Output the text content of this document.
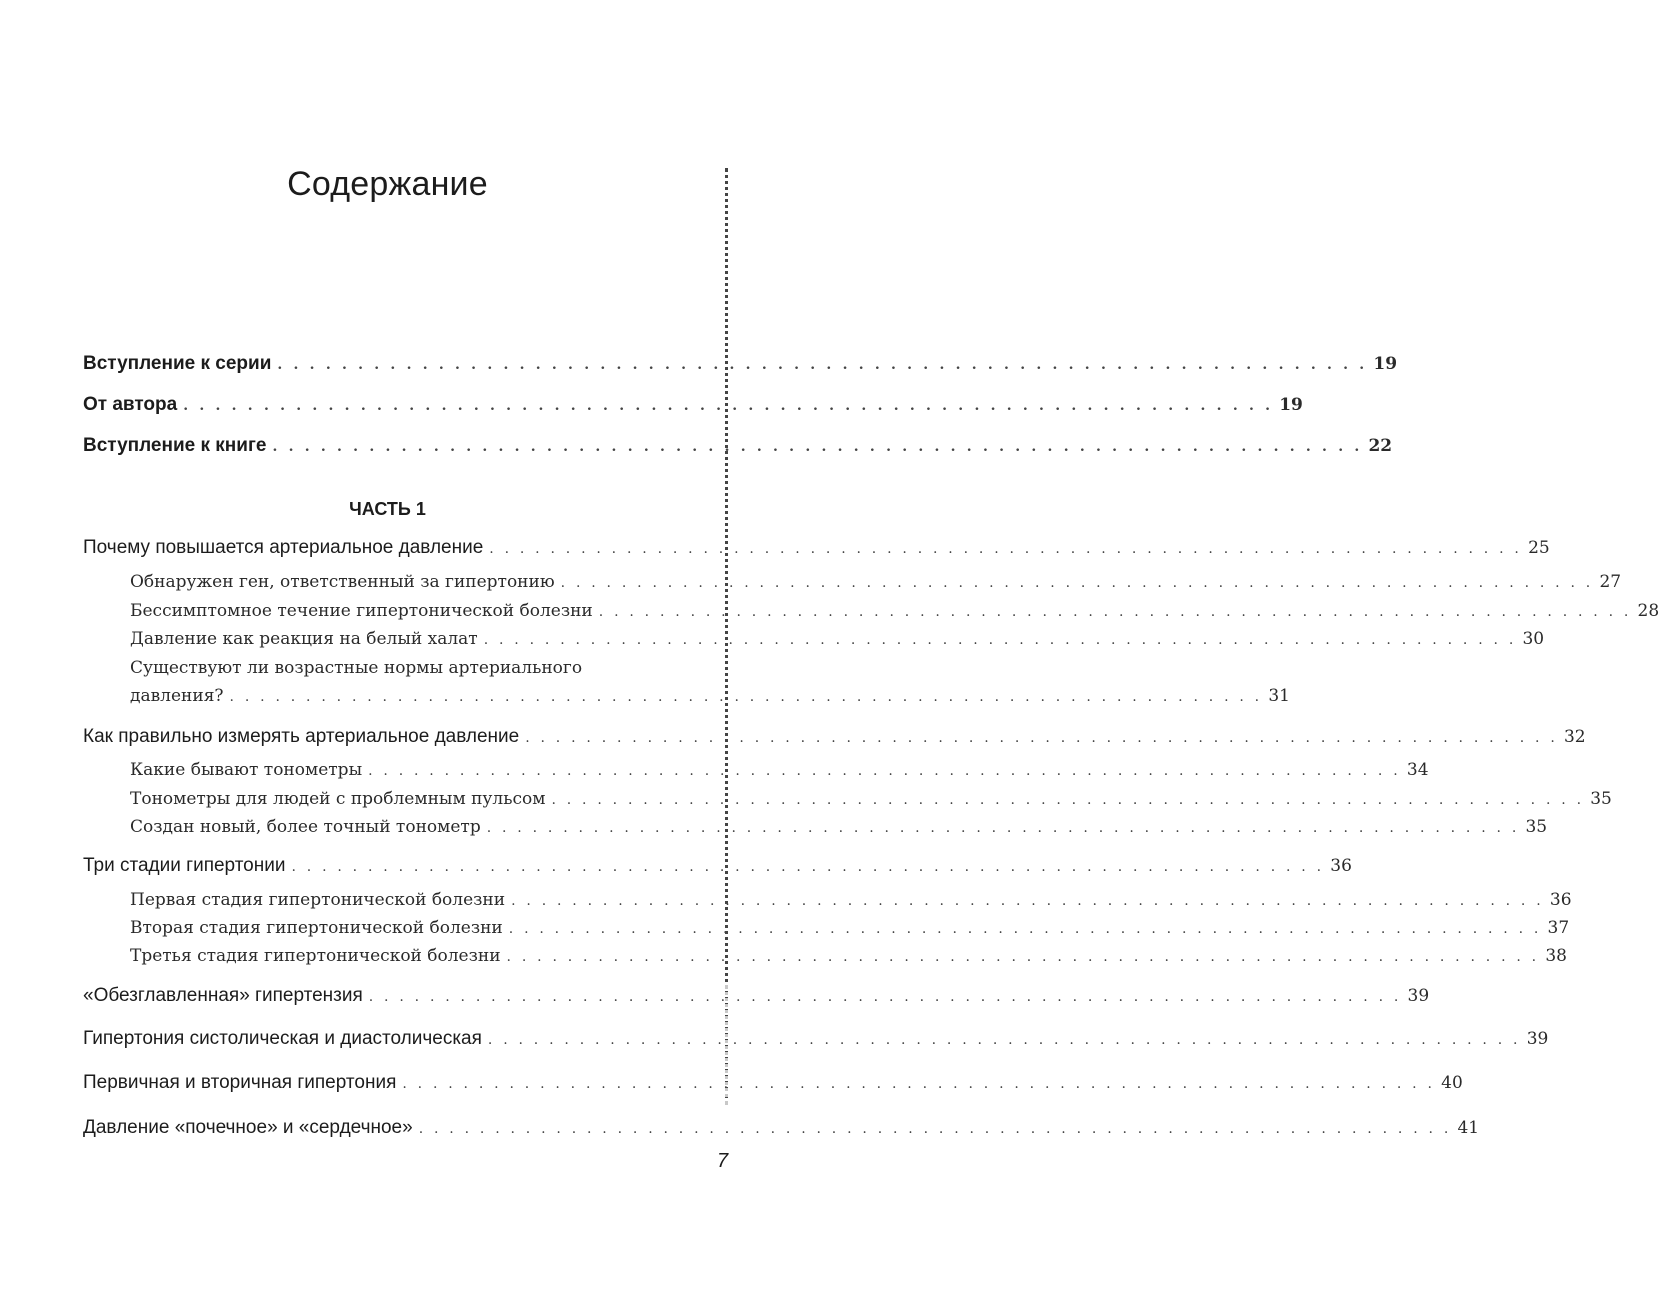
Содержание
Вступление к серии . . . . . . . . . . . . . . . . . . . . . . . . . . . . . . . . . . . . . . . . . . . . . . . . . . . . . . . . . . . . . . . . . . . . 19
От автора . . . . . . . . . . . . . . . . . . . . . . . . . . . . . . . . . . . . . . . . . . . . . . . . . . . . . . . . . . . . . . . . . . . . 19
Вступление к книге . . . . . . . . . . . . . . . . . . . . . . . . . . . . . . . . . . . . . . . . . . . . . . . . . . . . . . . . . . . . . . . . . . . . 22
ЧАСТЬ 1
Почему повышается артериальное давление . . . . . . . . . . . . . . . . . . . . . . . . . . . . . . . . . . . . . . . . . . . . . . . . . . . . . . . . . . . . . . . . . . . . 25
Обнаружен ген, ответственный за гипертонию . . . . . . . . . . . . . . . . . . . . . . . . . . . . . . . . . . . . . . . . . . . . . . . . . . . . . . . . . . . . . . . . . . . . 27
Бессимптомное течение гипертонической болезни . . . . . . . . . . . . . . . . . . . . . . . . . . . . . . . . . . . . . . . . . . . . . . . . . . . . . . . . . . . . . . . . . . . . 28
Давление как реакция на белый халат . . . . . . . . . . . . . . . . . . . . . . . . . . . . . . . . . . . . . . . . . . . . . . . . . . . . . . . . . . . . . . . . . . . . 30
Существуют ли возрастные нормы артериального
давления? . . . . . . . . . . . . . . . . . . . . . . . . . . . . . . . . . . . . . . . . . . . . . . . . . . . . . . . . . . . . . . . . . . . . 31
Как правильно измерять артериальное давление . . . . . . . . . . . . . . . . . . . . . . . . . . . . . . . . . . . . . . . . . . . . . . . . . . . . . . . . . . . . . . . . . . . . 32
Какие бывают тонометры . . . . . . . . . . . . . . . . . . . . . . . . . . . . . . . . . . . . . . . . . . . . . . . . . . . . . . . . . . . . . . . . . . . . 34
Тонометры для людей с проблемным пульсом . . . . . . . . . . . . . . . . . . . . . . . . . . . . . . . . . . . . . . . . . . . . . . . . . . . . . . . . . . . . . . . . . . . . 35
Создан новый, более точный тонометр . . . . . . . . . . . . . . . . . . . . . . . . . . . . . . . . . . . . . . . . . . . . . . . . . . . . . . . . . . . . . . . . . . . . 35
Три стадии гипертонии . . . . . . . . . . . . . . . . . . . . . . . . . . . . . . . . . . . . . . . . . . . . . . . . . . . . . . . . . . . . . . . . . . . . 36
Первая стадия гипертонической болезни . . . . . . . . . . . . . . . . . . . . . . . . . . . . . . . . . . . . . . . . . . . . . . . . . . . . . . . . . . . . . . . . . . . . 36
Вторая стадия гипертонической болезни . . . . . . . . . . . . . . . . . . . . . . . . . . . . . . . . . . . . . . . . . . . . . . . . . . . . . . . . . . . . . . . . . . . . 37
Третья стадия гипертонической болезни . . . . . . . . . . . . . . . . . . . . . . . . . . . . . . . . . . . . . . . . . . . . . . . . . . . . . . . . . . . . . . . . . . . . 38
«Обезглавленная» гипертензия . . . . . . . . . . . . . . . . . . . . . . . . . . . . . . . . . . . . . . . . . . . . . . . . . . . . . . . . . . . . . . . . . . . . 39
Гипертония систолическая и диастолическая . . . . . . . . . . . . . . . . . . . . . . . . . . . . . . . . . . . . . . . . . . . . . . . . . . . . . . . . . . . . . . . . . . . . 39
Первичная и вторичная гипертония . . . . . . . . . . . . . . . . . . . . . . . . . . . . . . . . . . . . . . . . . . . . . . . . . . . . . . . . . . . . . . . . . . . . 40
Давление «почечное» и «сердечное» . . . . . . . . . . . . . . . . . . . . . . . . . . . . . . . . . . . . . . . . . . . . . . . . . . . . . . . . . . . . . . . . . . . . 41
7
